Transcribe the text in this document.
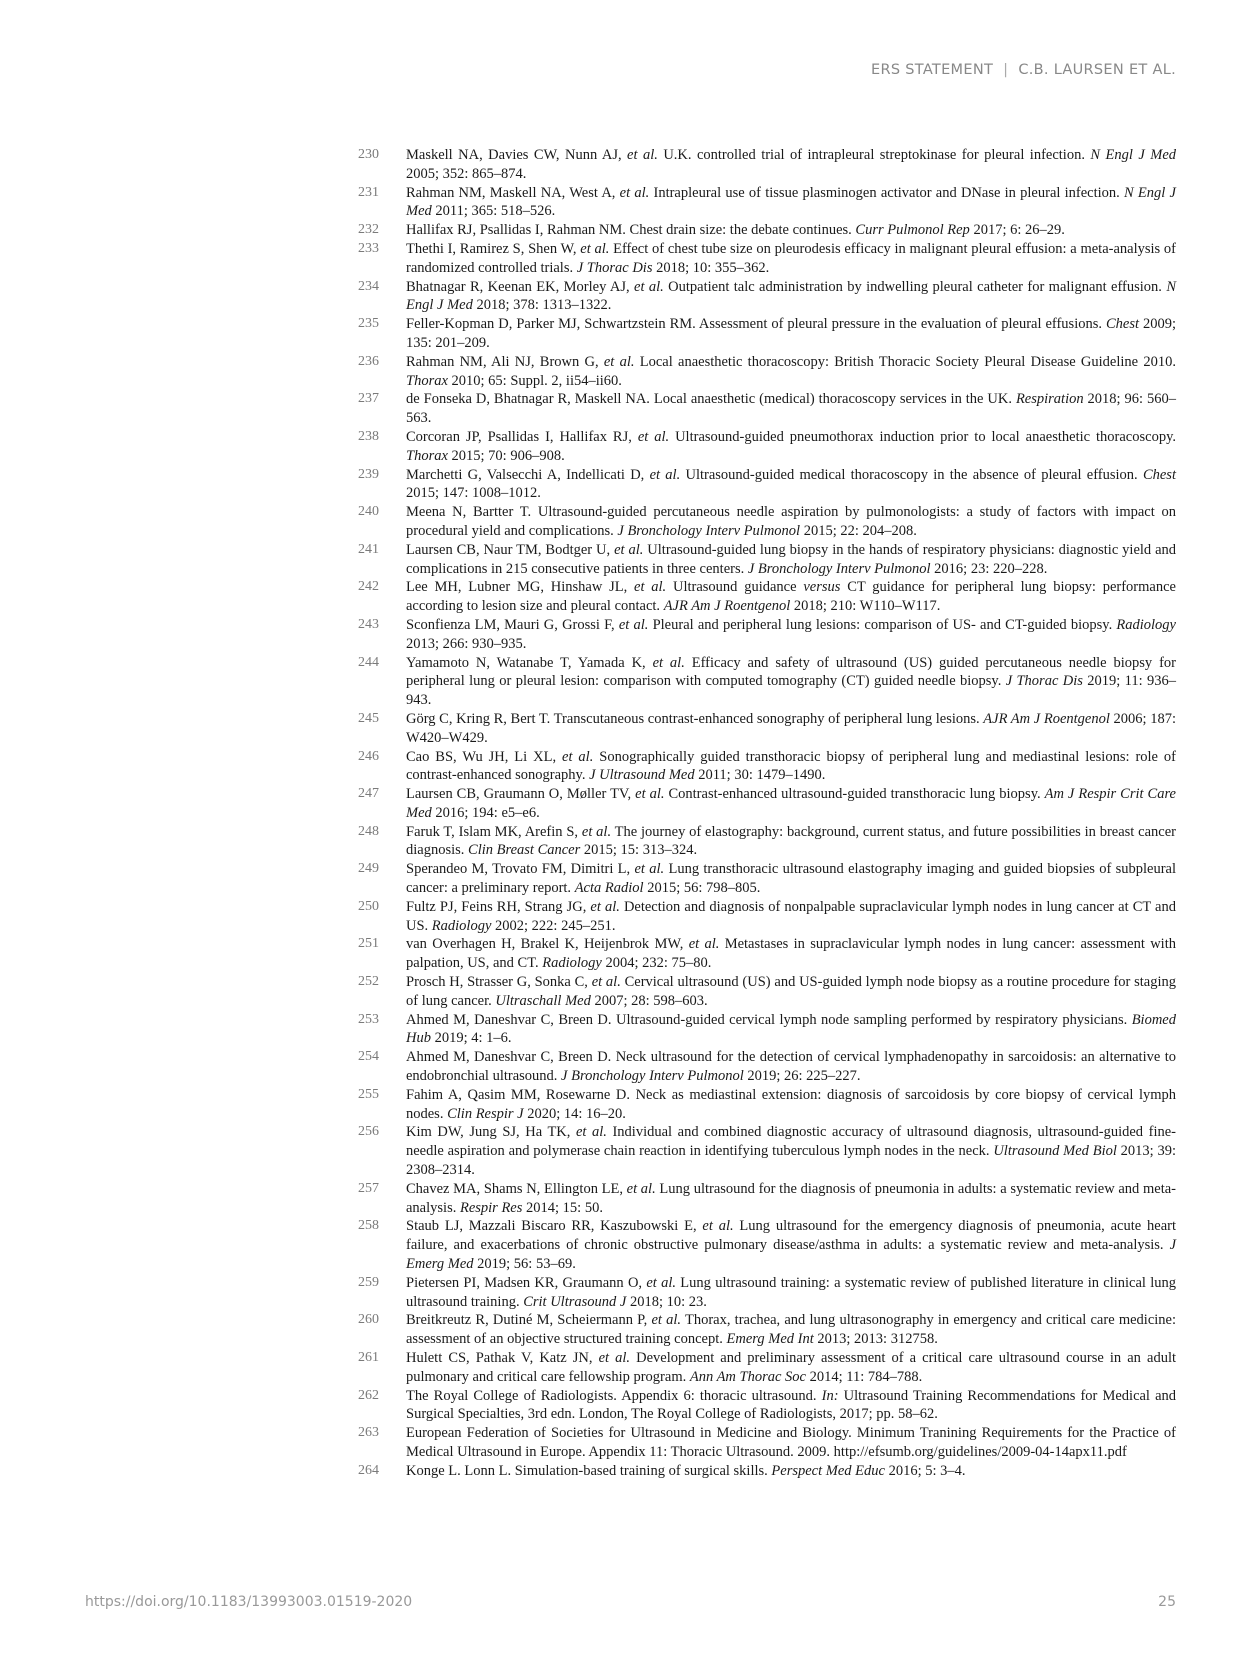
ERS STATEMENT | C.B. LAURSEN ET AL.

230	Maskell NA, Davies CW, Nunn AJ, et al. U.K. controlled trial of intrapleural streptokinase for pleural infection. N Engl J Med 2005; 352: 865–874.

231	Rahman NM, Maskell NA, West A, et al. Intrapleural use of tissue plasminogen activator and DNase in pleural infection. N Engl J Med 2011; 365: 518–526.

232	Hallifax RJ, Psallidas I, Rahman NM. Chest drain size: the debate continues. Curr Pulmonol Rep 2017; 6: 26–29.

233	Thethi I, Ramirez S, Shen W, et al. Effect of chest tube size on pleurodesis efficacy in malignant pleural effusion: a meta-analysis of randomized controlled trials. J Thorac Dis 2018; 10: 355–362.

234	Bhatnagar R, Keenan EK, Morley AJ, et al. Outpatient talc administration by indwelling pleural catheter for malignant effusion. N Engl J Med 2018; 378: 1313–1322.

235	Feller-Kopman D, Parker MJ, Schwartzstein RM. Assessment of pleural pressure in the evaluation of pleural effusions. Chest 2009; 135: 201–209.

236	Rahman NM, Ali NJ, Brown G, et al. Local anaesthetic thoracoscopy: British Thoracic Society Pleural Disease Guideline 2010. Thorax 2010; 65: Suppl. 2, ii54–ii60.

237	de Fonseka D, Bhatnagar R, Maskell NA. Local anaesthetic (medical) thoracoscopy services in the UK. Respiration 2018; 96: 560–563.

238	Corcoran JP, Psallidas I, Hallifax RJ, et al. Ultrasound-guided pneumothorax induction prior to local anaesthetic thoracoscopy. Thorax 2015; 70: 906–908.

239	Marchetti G, Valsecchi A, Indellicati D, et al. Ultrasound-guided medical thoracoscopy in the absence of pleural effusion. Chest 2015; 147: 1008–1012.

240	Meena N, Bartter T. Ultrasound-guided percutaneous needle aspiration by pulmonologists: a study of factors with impact on procedural yield and complications. J Bronchology Interv Pulmonol 2015; 22: 204–208.

241	Laursen CB, Naur TM, Bodtger U, et al. Ultrasound-guided lung biopsy in the hands of respiratory physicians: diagnostic yield and complications in 215 consecutive patients in three centers. J Bronchology Interv Pulmonol 2016; 23: 220–228.

242	Lee MH, Lubner MG, Hinshaw JL, et al. Ultrasound guidance versus CT guidance for peripheral lung biopsy: performance according to lesion size and pleural contact. AJR Am J Roentgenol 2018; 210: W110–W117.

243	Sconfienza LM, Mauri G, Grossi F, et al. Pleural and peripheral lung lesions: comparison of US- and CT-guided biopsy. Radiology 2013; 266: 930–935.

244	Yamamoto N, Watanabe T, Yamada K, et al. Efficacy and safety of ultrasound (US) guided percutaneous needle biopsy for peripheral lung or pleural lesion: comparison with computed tomography (CT) guided needle biopsy. J Thorac Dis 2019; 11: 936–943.

245	Görg C, Kring R, Bert T. Transcutaneous contrast-enhanced sonography of peripheral lung lesions. AJR Am J Roentgenol 2006; 187: W420–W429.

246	Cao BS, Wu JH, Li XL, et al. Sonographically guided transthoracic biopsy of peripheral lung and mediastinal lesions: role of contrast-enhanced sonography. J Ultrasound Med 2011; 30: 1479–1490.

247	Laursen CB, Graumann O, Møller TV, et al. Contrast-enhanced ultrasound-guided transthoracic lung biopsy. Am J Respir Crit Care Med 2016; 194: e5–e6.

248	Faruk T, Islam MK, Arefin S, et al. The journey of elastography: background, current status, and future possibilities in breast cancer diagnosis. Clin Breast Cancer 2015; 15: 313–324.

249	Sperandeo M, Trovato FM, Dimitri L, et al. Lung transthoracic ultrasound elastography imaging and guided biopsies of subpleural cancer: a preliminary report. Acta Radiol 2015; 56: 798–805.

250	Fultz PJ, Feins RH, Strang JG, et al. Detection and diagnosis of nonpalpable supraclavicular lymph nodes in lung cancer at CT and US. Radiology 2002; 222: 245–251.

251	van Overhagen H, Brakel K, Heijenbrok MW, et al. Metastases in supraclavicular lymph nodes in lung cancer: assessment with palpation, US, and CT. Radiology 2004; 232: 75–80.

252	Prosch H, Strasser G, Sonka C, et al. Cervical ultrasound (US) and US-guided lymph node biopsy as a routine procedure for staging of lung cancer. Ultraschall Med 2007; 28: 598–603.

253	Ahmed M, Daneshvar C, Breen D. Ultrasound-guided cervical lymph node sampling performed by respiratory physicians. Biomed Hub 2019; 4: 1–6.

254	Ahmed M, Daneshvar C, Breen D. Neck ultrasound for the detection of cervical lymphadenopathy in sarcoidosis: an alternative to endobronchial ultrasound. J Bronchology Interv Pulmonol 2019; 26: 225–227.

255	Fahim A, Qasim MM, Rosewarne D. Neck as mediastinal extension: diagnosis of sarcoidosis by core biopsy of cervical lymph nodes. Clin Respir J 2020; 14: 16–20.

256	Kim DW, Jung SJ, Ha TK, et al. Individual and combined diagnostic accuracy of ultrasound diagnosis, ultrasound-guided fine-needle aspiration and polymerase chain reaction in identifying tuberculous lymph nodes in the neck. Ultrasound Med Biol 2013; 39: 2308–2314.

257	Chavez MA, Shams N, Ellington LE, et al. Lung ultrasound for the diagnosis of pneumonia in adults: a systematic review and meta-analysis. Respir Res 2014; 15: 50.

258	Staub LJ, Mazzali Biscaro RR, Kaszubowski E, et al. Lung ultrasound for the emergency diagnosis of pneumonia, acute heart failure, and exacerbations of chronic obstructive pulmonary disease/asthma in adults: a systematic review and meta-analysis. J Emerg Med 2019; 56: 53–69.

259	Pietersen PI, Madsen KR, Graumann O, et al. Lung ultrasound training: a systematic review of published literature in clinical lung ultrasound training. Crit Ultrasound J 2018; 10: 23.

260	Breitkreutz R, Dutiné M, Scheiermann P, et al. Thorax, trachea, and lung ultrasonography in emergency and critical care medicine: assessment of an objective structured training concept. Emerg Med Int 2013; 2013: 312758.

261	Hulett CS, Pathak V, Katz JN, et al. Development and preliminary assessment of a critical care ultrasound course in an adult pulmonary and critical care fellowship program. Ann Am Thorac Soc 2014; 11: 784–788.

262	The Royal College of Radiologists. Appendix 6: thoracic ultrasound. In: Ultrasound Training Recommendations for Medical and Surgical Specialties, 3rd edn. London, The Royal College of Radiologists, 2017; pp. 58–62.

263	European Federation of Societies for Ultrasound in Medicine and Biology. Minimum Tranining Requirements for the Practice of Medical Ultrasound in Europe. Appendix 11: Thoracic Ultrasound. 2009. http://efsumb.org/guidelines/2009-04-14apx11.pdf

264	Konge L. Lonn L. Simulation-based training of surgical skills. Perspect Med Educ 2016; 5: 3–4.

https://doi.org/10.1183/13993003.01519-2020	25
